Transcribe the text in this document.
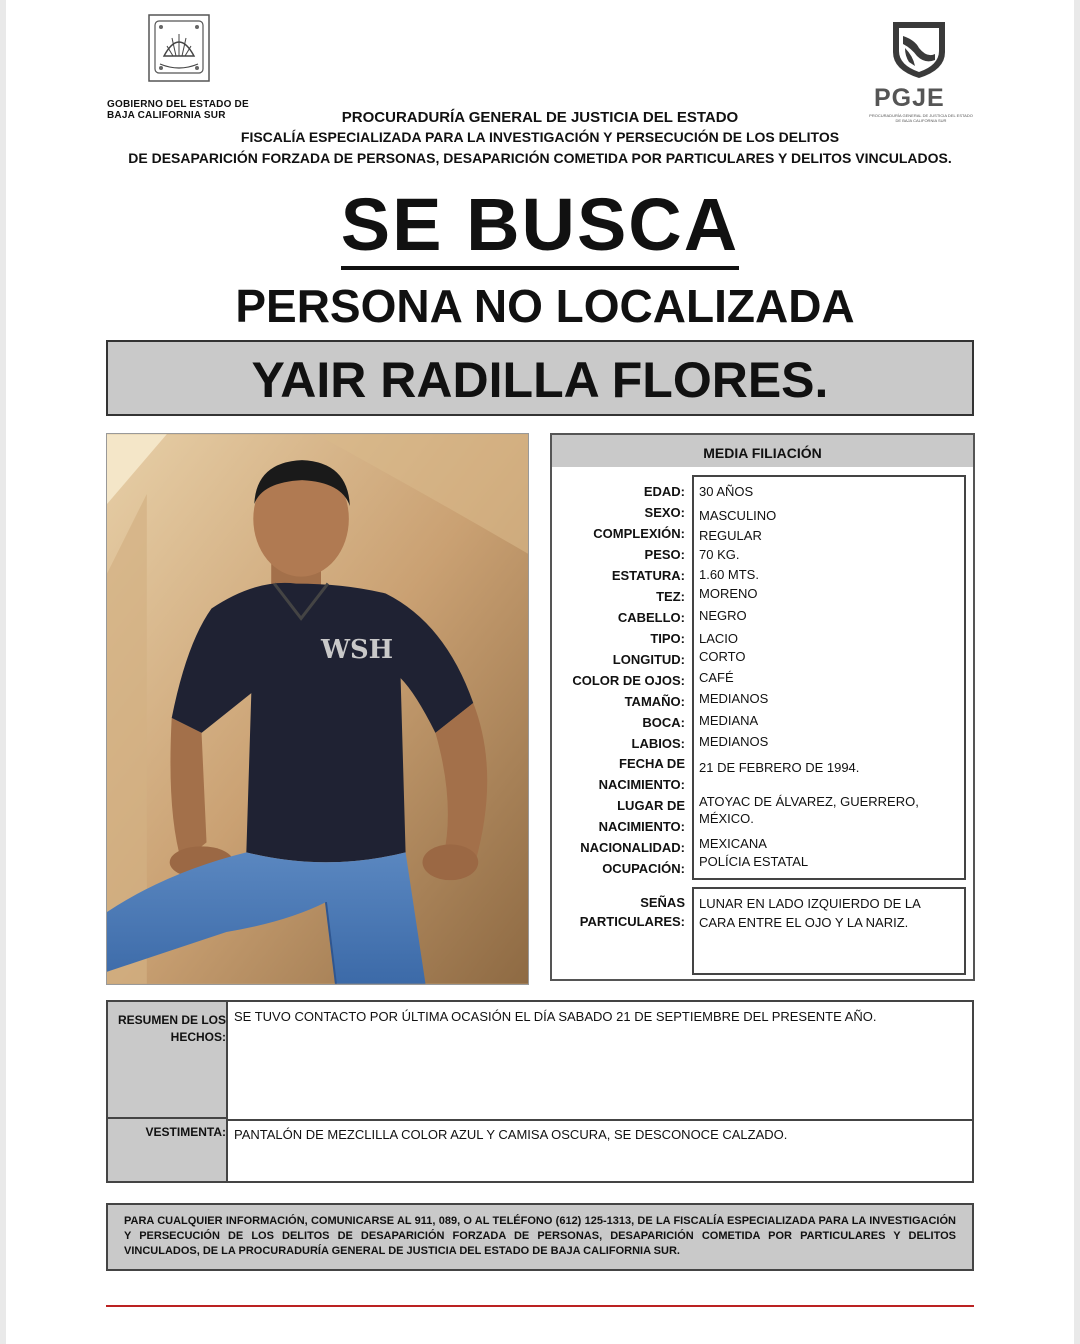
GOBIERNO DEL ESTADO DE
BAJA CALIFORNIA SUR
PGJE
PROCURADURÍA GENERAL DE JUSTICIA DEL ESTADO DE BAJA CALIFORNIA SUR
PROCURADURÍA GENERAL DE JUSTICIA DEL ESTADO
FISCALÍA ESPECIALIZADA PARA LA INVESTIGACIÓN Y PERSECUCIÓN DE LOS DELITOS
DE DESAPARICIÓN FORZADA DE PERSONAS, DESAPARICIÓN COMETIDA POR PARTICULARES Y DELITOS VINCULADOS.
SE BUSCA
PERSONA NO LOCALIZADA
YAIR RADILLA FLORES.
WSH
MEDIA FILIACIÓN
EDAD: 30 AÑOS
SEXO: MASCULINO
COMPLEXIÓN: REGULAR
PESO: 70 KG.
ESTATURA: 1.60 MTS.
TEZ: MORENO
CABELLO: NEGRO
TIPO: LACIO
LONGITUD: CORTO
COLOR DE OJOS: CAFÉ
TAMAÑO: MEDIANOS
BOCA: MEDIANA
LABIOS: MEDIANOS
FECHA DE
NACIMIENTO:
21 DE FEBRERO DE 1994.
LUGAR DE
NACIMIENTO:
ATOYAC DE ÁLVAREZ, GUERRERO,
MÉXICO.
NACIONALIDAD: MEXICANA
OCUPACIÓN: POLÍCIA ESTATAL
SEÑAS
PARTICULARES:
LUNAR EN LADO IZQUIERDO DE LA
CARA ENTRE EL OJO Y LA NARIZ.
RESUMEN DE LOS
HECHOS:
SE TUVO CONTACTO POR ÚLTIMA OCASIÓN EL DÍA SABADO 21 DE SEPTIEMBRE DEL PRESENTE AÑO.
VESTIMENTA: PANTALÓN DE MEZCLILLA COLOR AZUL Y CAMISA OSCURA, SE DESCONOCE CALZADO.
PARA CUALQUIER INFORMACIÓN, COMUNICARSE AL 911, 089, O AL TELÉFONO (612) 125-1313, DE LA FISCALÍA ESPECIALIZADA PARA LA INVESTIGACIÓN Y PERSECUCIÓN DE LOS DELITOS DE DESAPARICIÓN FORZADA DE PERSONAS, DESAPARICIÓN COMETIDA POR PARTICULARES Y DELITOS VINCULADOS, DE LA PROCURADURÍA GENERAL DE JUSTICIA DEL ESTADO DE BAJA CALIFORNIA SUR.
